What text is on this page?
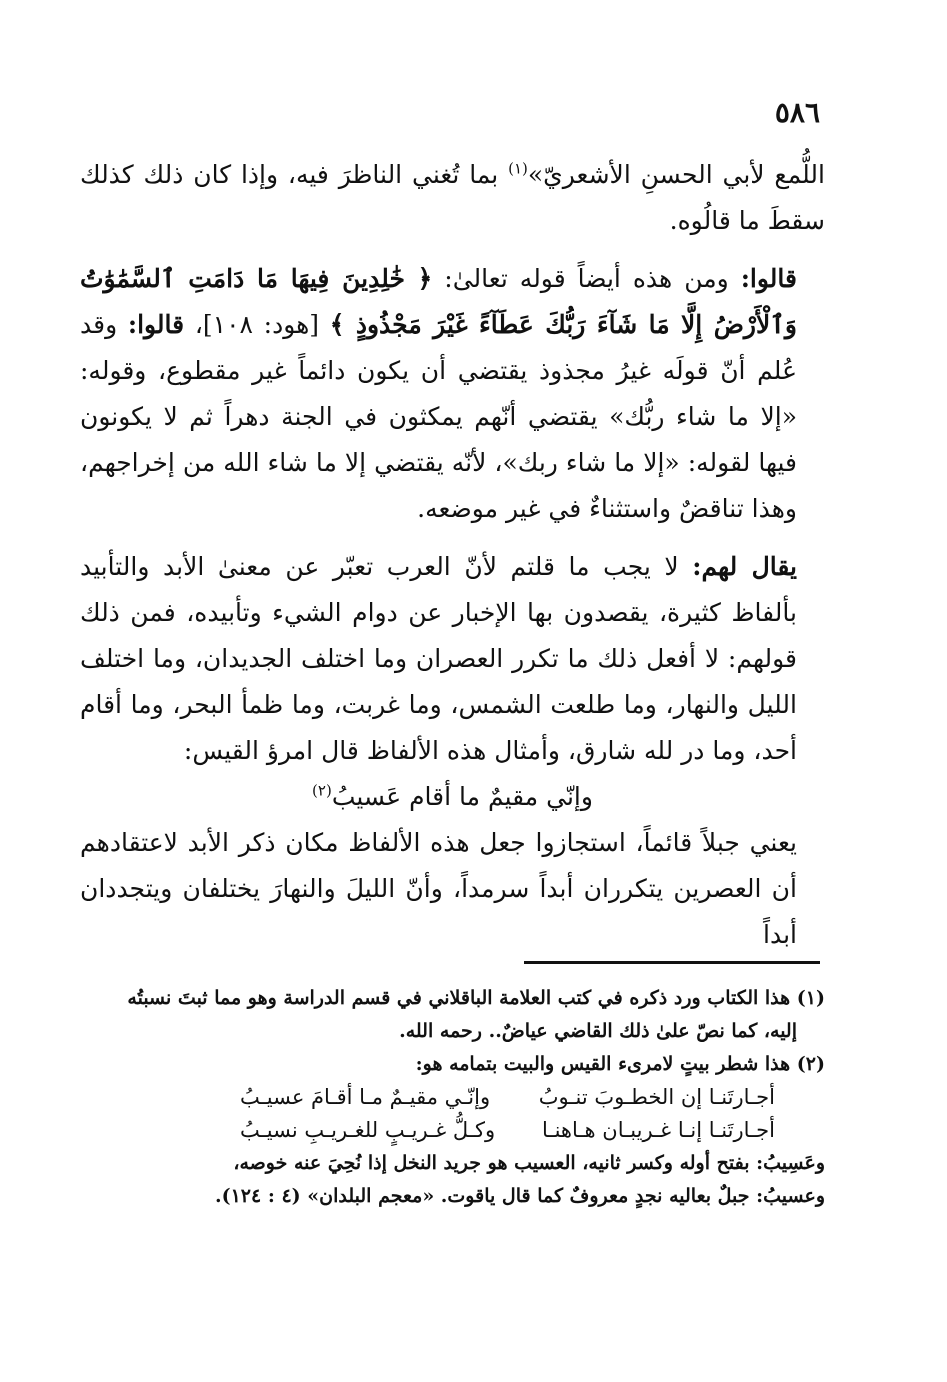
٥٨٦

اللُّمع لأبي الحسنِ الأشعريّ»$^{(١)}$ بما تُغني الناظرَ فيه، وإذا كان ذلك كذلك سقطَ ما قالُوه.

قالوا: ومن هذه أيضاً قوله تعالىٰ: ﴿ خَٰلِدِينَ فِيهَا مَا دَامَتِ ٱلسَّمَٰوَٰتُ وَٱلْأَرْضُ إِلَّا مَا شَآءَ رَبُّكَ عَطَآءً غَيْرَ مَجْذُوذٍ ﴾ [هود: ١٠٨]، قالوا: وقد عُلم أنّ قولَه غيرُ مجذوذ يقتضي أن يكون دائماً غير مقطوع، وقوله: «إلا ما شاء ربُّك» يقتضي أنّهم يمكثون في الجنة دهراً ثم لا يكونون فيها لقوله: «إلا ما شاء ربك»، لأنّه يقتضي إلا ما شاء الله من إخراجهم، وهذا تناقضٌ واستثناءٌ في غير موضعه.

يقال لهم: لا يجب ما قلتم لأنّ العرب تعبّر عن معنىٰ الأبد والتأبيد بألفاظ كثيرة، يقصدون بها الإخبار عن دوام الشيء وتأبيده، فمن ذلك قولهم: لا أفعل ذلك ما تكرر العصران وما اختلف الجديدان، وما اختلف الليل والنهار، وما طلعت الشمس، وما غربت، وما ظمأ البحر، وما أقام أحد، وما در لله شارق، وأمثال هذه الألفاظ قال امرؤ القيس:

وإنّي مقيمٌ ما أقام عَسيبُ$^{(٢)}$

يعني جبلاً قائماً، استجازوا جعل هذه الألفاظ مكان ذكر الأبد لاعتقادهم أن العصرين يتكرران أبداً سرمداً، وأنّ الليلَ والنهارَ يختلفان ويتجددان أبداً

(١) هذا الكتاب ورد ذكره في كتب العلامة الباقلاني في قسم الدراسة وهو مما ثبتَ نسبتُه

إليه، كما نصّ علىٰ ذلك القاضي عياضٌ.. رحمه الله.

(٢) هذا شطر بيتٍ لامرىء القيس والبيت بتمامه هو:

أجـارتَنـا إن الخطـوبَ تنـوبُ
وإنّـي مقيـمٌ مـا أقـامَ عسيـبُ
أجـارتَنـا إنـا غـريبـان هـاهنـا
وكـلُّ غـريـبٍ للغـريـبِ نسيـبُ

وعَسِيبُ: بفتح أوله وكسر ثانيه، العسيب هو جريد النخل إذا نُحِيَ عنه خوصه،

وعسيبُ: جبلٌ بعاليه نجدٍ معروفٌ كما قال ياقوت. «معجم البلدان» (٤ : ١٢٤).
